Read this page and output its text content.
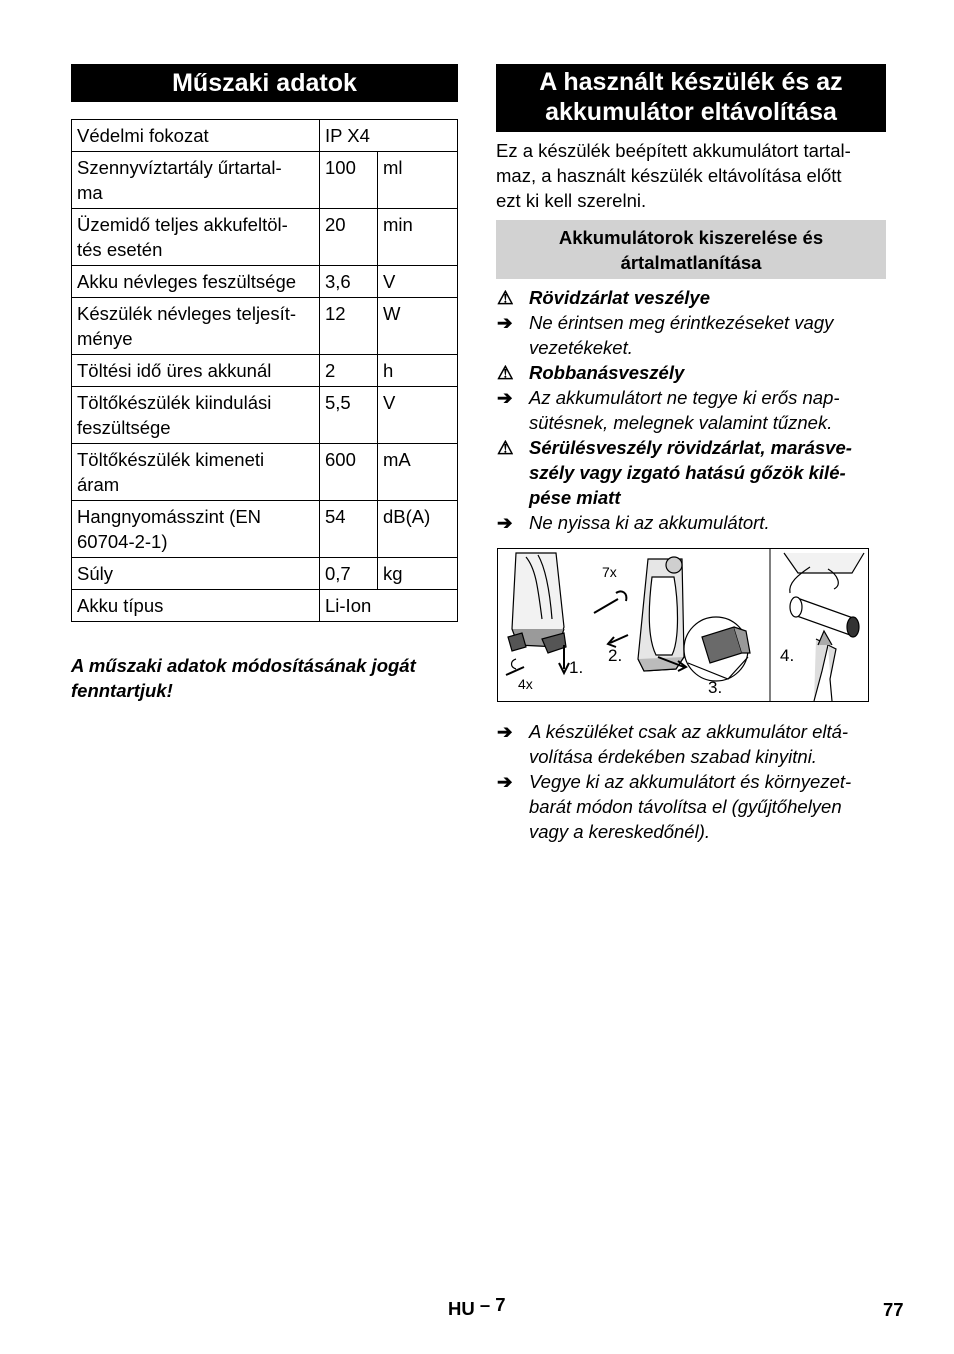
Műszaki adatok
Védelmi fokozat	IP X4	
Szennyvíztartály űrtartal-
ma	100	ml
Üzemidő teljes akkufeltöl-
tés esetén	20	min
Akku névleges feszültsége	3,6	V
Készülék névleges teljesít-
ménye	12	W
Töltési idő üres akkunál	2	h
Töltőkészülék kiindulási
feszültsége	5,5	V
Töltőkészülék kimeneti
áram	600	mA
Hangnyomásszint (EN
60704-2-1)	54	dB(A)
Súly	0,7	kg
Akku típus	Li-Ion	
A műszaki adatok módosításának jogát fenntartjuk!
A használt készülék és az
akkumulátor eltávolítása
Ez a készülék beépített akkumulátort tartal-
maz, a használt készülék eltávolítása előtt
ezt ki kell szerelni.
Akkumulátorok kiszerelése és ártalmatlanítása
⚠ Rövidzárlat veszélye
➔ Ne érintsen meg érintkezéseket vagy vezetékeket.
⚠ Robbanásveszély
➔ Az akkumulátort ne tegye ki erős nap-
sütésnek, melegnek valamint tűznek.
⚠ Sérülésveszély rövidzárlat, marásve-
szély vagy izgató hatású gőzök kilé-
pése miatt
➔ Ne nyissa ki az akkumulátort.
1.
4x
7x
2.
3.
4.
➔ A készüléket csak az akkumulátor eltá-
volítása érdekében szabad kinyitni.
➔ Vegye ki az akkumulátort és környezet-
barát módon távolítsa el (gyűjtőhelyen
vagy a kereskedőnél).
HU – 7	77
